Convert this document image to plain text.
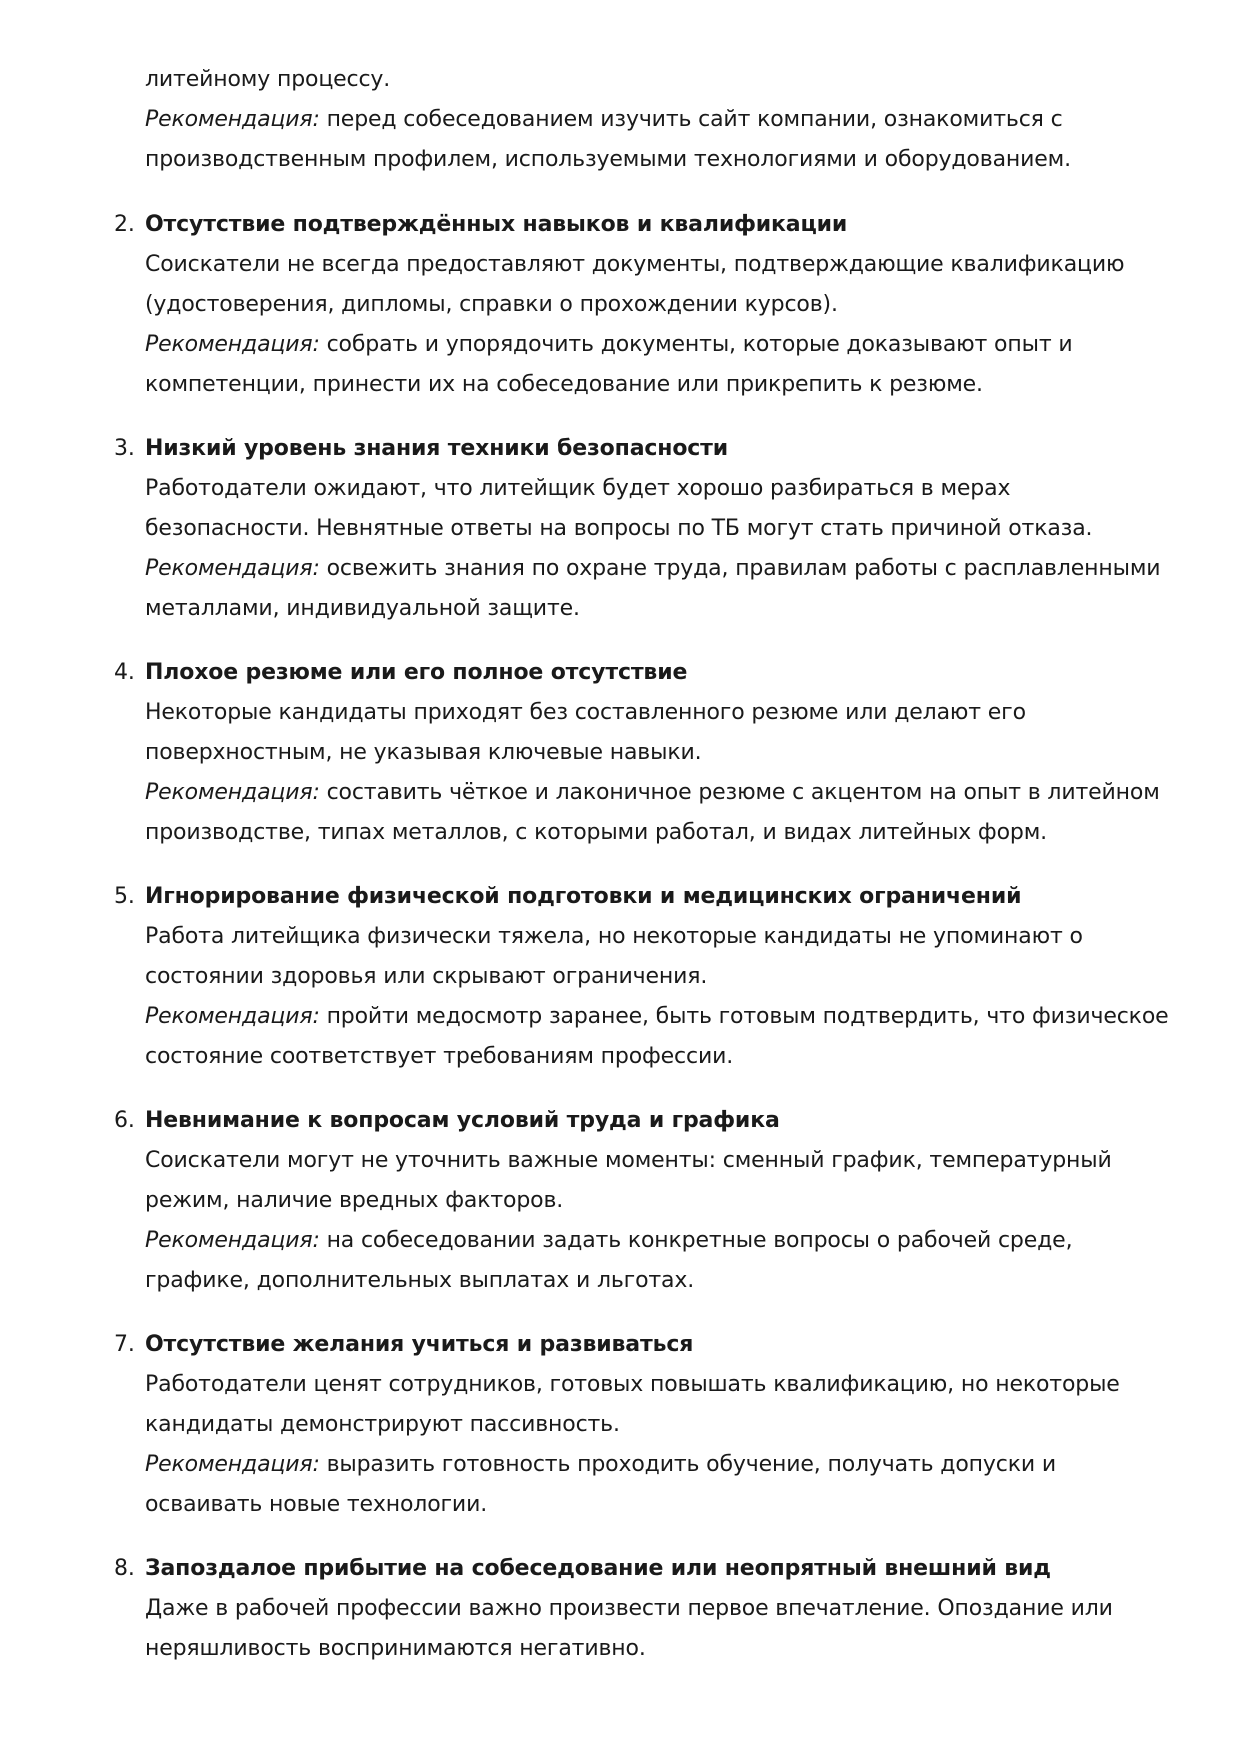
литейному процессу.
Рекомендация: перед собеседованием изучить сайт компании, ознакомиться с
производственным профилем, используемыми технологиями и оборудованием.
2. Отсутствие подтверждённых навыков и квалификации
Соискатели не всегда предоставляют документы, подтверждающие квалификацию
(удостоверения, дипломы, справки о прохождении курсов).
Рекомендация: собрать и упорядочить документы, которые доказывают опыт и
компетенции, принести их на собеседование или прикрепить к резюме.
3. Низкий уровень знания техники безопасности
Работодатели ожидают, что литейщик будет хорошо разбираться в мерах
безопасности. Невнятные ответы на вопросы по ТБ могут стать причиной отказа.
Рекомендация: освежить знания по охране труда, правилам работы с расплавленными
металлами, индивидуальной защите.
4. Плохое резюме или его полное отсутствие
Некоторые кандидаты приходят без составленного резюме или делают его
поверхностным, не указывая ключевые навыки.
Рекомендация: составить чёткое и лаконичное резюме с акцентом на опыт в литейном
производстве, типах металлов, с которыми работал, и видах литейных форм.
5. Игнорирование физической подготовки и медицинских ограничений
Работа литейщика физически тяжела, но некоторые кандидаты не упоминают о
состоянии здоровья или скрывают ограничения.
Рекомендация: пройти медосмотр заранее, быть готовым подтвердить, что физическое
состояние соответствует требованиям профессии.
6. Невнимание к вопросам условий труда и графика
Соискатели могут не уточнить важные моменты: сменный график, температурный
режим, наличие вредных факторов.
Рекомендация: на собеседовании задать конкретные вопросы о рабочей среде,
графике, дополнительных выплатах и льготах.
7. Отсутствие желания учиться и развиваться
Работодатели ценят сотрудников, готовых повышать квалификацию, но некоторые
кандидаты демонстрируют пассивность.
Рекомендация: выразить готовность проходить обучение, получать допуски и
осваивать новые технологии.
8. Запоздалое прибытие на собеседование или неопрятный внешний вид
Даже в рабочей профессии важно произвести первое впечатление. Опоздание или
неряшливость воспринимаются негативно.
